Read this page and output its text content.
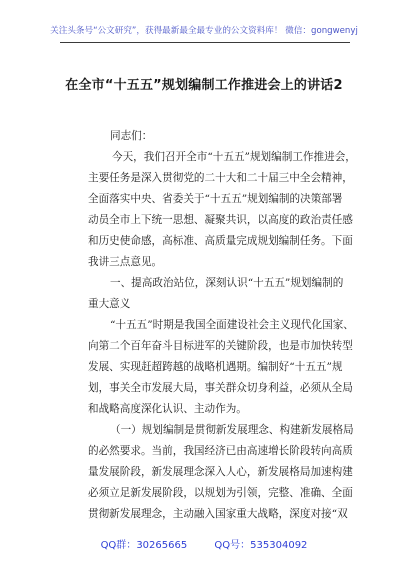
关注头条号“公文研究”，获得最新最全最专业的公文资料库！ 微信：gongwenyj
在全市“十五五”规划编制工作推进会上的讲话2
同志们：
今天，我们召开全市“十五五”规划编制工作推进会，
主要任务是深入贯彻党的二十大和二十届三中全会精神，
全面落实中央、省委关于“十五五”规划编制的决策部署
动员全市上下统一思想、凝聚共识，以高度的政治责任感
和历史使命感，高标准、高质量完成规划编制任务。下面
我讲三点意见。
一、提高政治站位，深刻认识“十五五”规划编制的
重大意义
“十五五”时期是我国全面建设社会主义现代化国家、
向第二个百年奋斗目标进军的关键阶段，也是市加快转型
发展、实现赶超跨越的战略机遇期。编制好“十五五”规
划，事关全市发展大局，事关群众切身利益，必须从全局
和战略高度深化认识、主动作为。
（一）规划编制是贯彻新发展理念、构建新发展格局
的必然要求。当前，我国经济已由高速增长阶段转向高质
量发展阶段，新发展理念深入人心，新发展格局加速构建
必须立足新发展阶段，以规划为引领，完整、准确、全面
贯彻新发展理念，主动融入国家重大战略，深度对接“双
QQ群：30265665	QQ号：535304092
